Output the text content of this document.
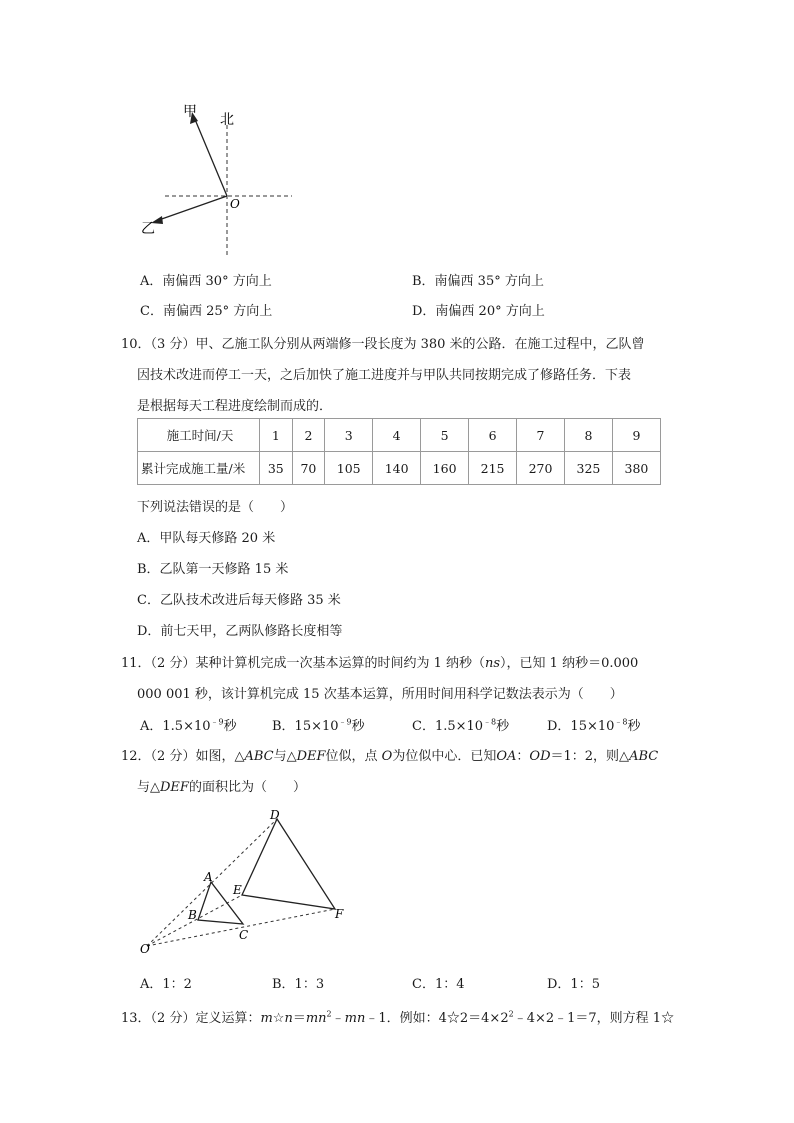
甲 北
O
乙
A．南偏西 30° 方向上	B．南偏西 35° 方向上
C．南偏西 25° 方向上	D．南偏西 20° 方向上
10．（3 分）甲、乙施工队分别从两端修一段长度为 380 米的公路．在施工过程中，乙队曾
因技术改进而停工一天，之后加快了施工进度并与甲队共同按期完成了修路任务．下表
是根据每天工程进度绘制而成的．
施工时间/天	1	2	3	4	5	6	7	8	9
累计完成施工量/米	35	70	105	140	160	215	270	325	380
下列说法错误的是（　　）
A．甲队每天修路 20 米
B．乙队第一天修路 15 米
C．乙队技术改进后每天修路 35 米
D．前七天甲，乙两队修路长度相等
11．（2 分）某种计算机完成一次基本运算的时间约为 1 纳秒（ns），已知 1 纳秒＝0.000
000 001 秒，该计算机完成 15 次基本运算，所用时间用科学记数法表示为（　　）
A．$1.5\times 10^{﹣9}$秒	B．$15\times 10^{﹣9}$秒	C．$1.5\times 10^{﹣8}$秒	D．$15\times 10^{﹣8}$秒
12．（2 分）如图，△ABC与△DEF位似，点 O为位似中心．已知OA：OD＝1：2，则△ABC
与△DEF的面积比为（　　）
D
A
E
B
C
F
O
A．1：2	B．1：3	C．1：4	D．1：5
13．（2 分）定义运算：$m☆n=mn^2﹣mn﹣1$．例如：$4☆2=4\times 2^2﹣4\times 2﹣1=7$，则方程 1☆
